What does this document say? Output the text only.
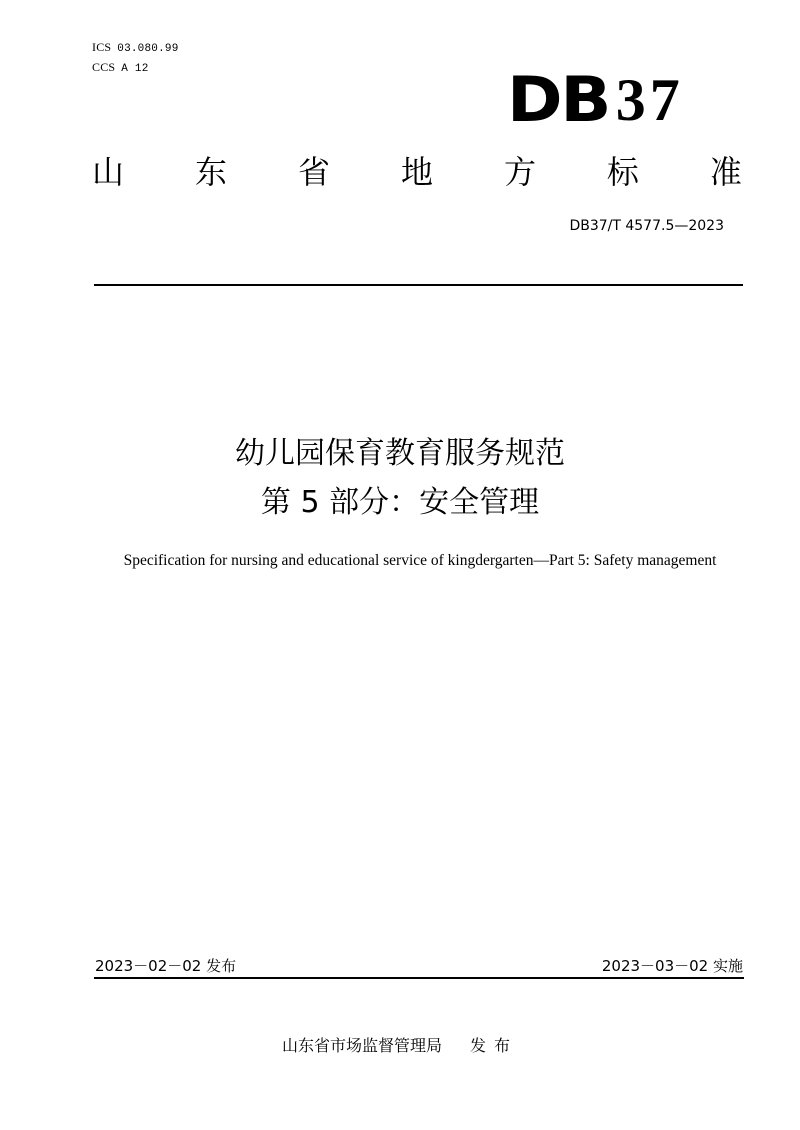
ICS 03.080.99
CCS A 12	DB 37
山 东 省 地 方 标 准
DB37/T 4577.5—2023
幼儿园保育教育服务规范
第 5 部分：安全管理
Specification for nursing and educational service of kingdergarten—Part 5: Safety management
2023－02－02 发布	2023－03－02 实施
山东省市场监督管理局 发布
